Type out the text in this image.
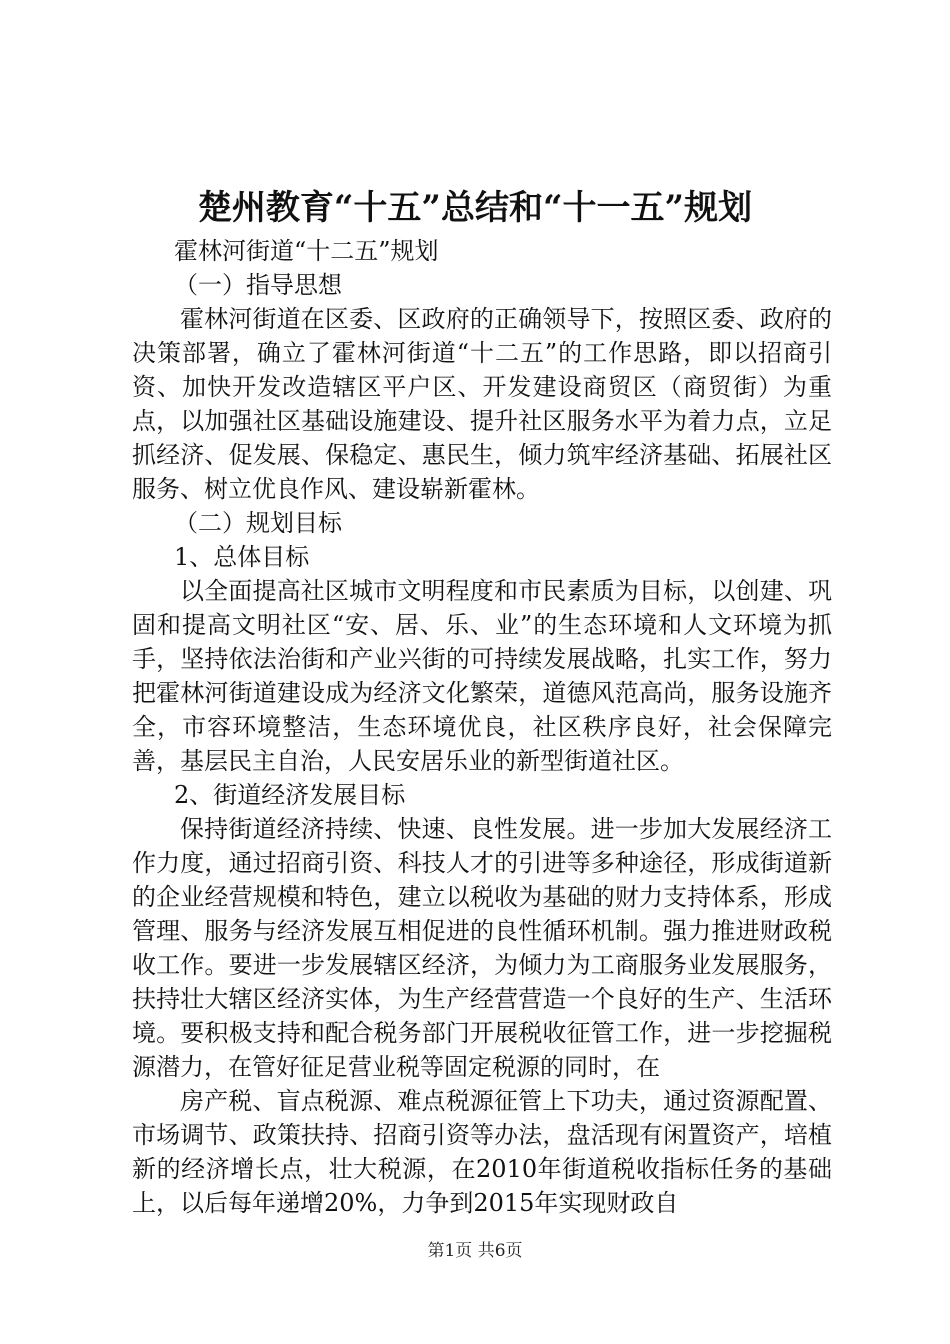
楚州教育“十五”总结和“十一五”规划

霍林河街道“十二五”规划

（一）指导思想

霍林河街道在区委、区政府的正确领导下，按照区委、政府的决策部署，确立了霍林河街道“十二五”的工作思路，即以招商引资、加快开发改造辖区平户区、开发建设商贸区（商贸街）为重点，以加强社区基础设施建设、提升社区服务水平为着力点，立足抓经济、促发展、保稳定、惠民生，倾力筑牢经济基础、拓展社区服务、树立优良作风、建设崭新霍林。

（二）规划目标

1、总体目标

以全面提高社区城市文明程度和市民素质为目标，以创建、巩固和提高文明社区“安、居、乐、业”的生态环境和人文环境为抓手，坚持依法治街和产业兴街的可持续发展战略，扎实工作，努力把霍林河街道建设成为经济文化繁荣，道德风范高尚，服务设施齐全，市容环境整洁，生态环境优良，社区秩序良好，社会保障完善，基层民主自治，人民安居乐业的新型街道社区。

2、街道经济发展目标

保持街道经济持续、快速、良性发展。进一步加大发展经济工作力度，通过招商引资、科技人才的引进等多种途径，形成街道新的企业经营规模和特色，建立以税收为基础的财力支持体系，形成管理、服务与经济发展互相促进的良性循环机制。强力推进财政税收工作。要进一步发展辖区经济，为倾力为工商服务业发展服务，扶持壮大辖区经济实体，为生产经营营造一个良好的生产、生活环境。要积极支持和配合税务部门开展税收征管工作，进一步挖掘税源潜力，在管好征足营业税等固定税源的同时，在

房产税、盲点税源、难点税源征管上下功夫，通过资源配置、市场调节、政策扶持、招商引资等办法，盘活现有闲置资产，培植新的经济增长点，壮大税源，在2010年街道税收指标任务的基础上，以后每年递增20%，力争到2015年实现财政自

第1页 共6页
